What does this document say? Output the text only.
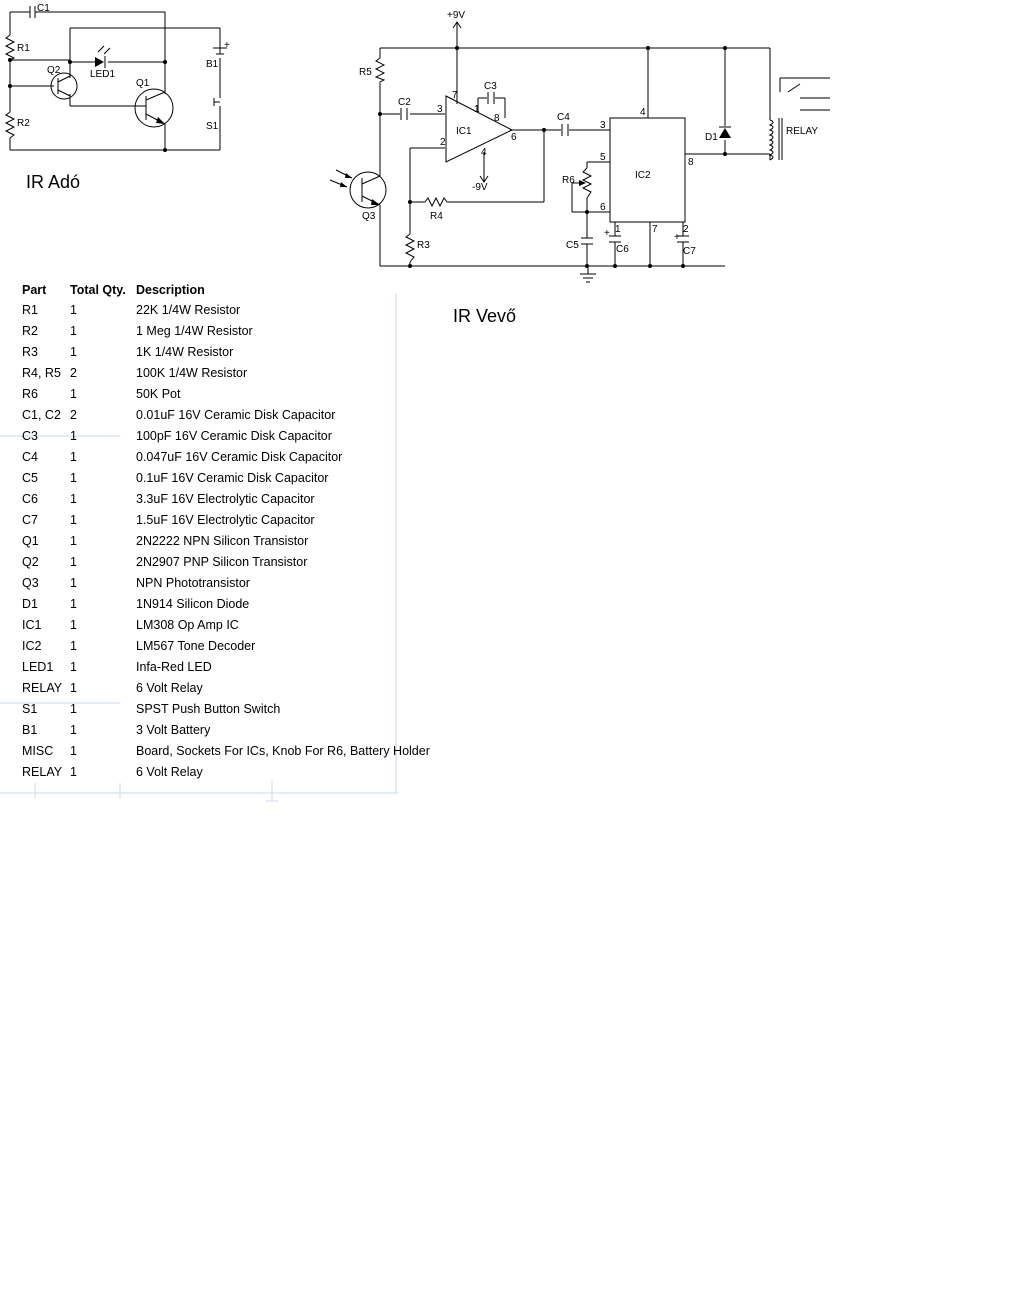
C1
R1
R2
Q2	LED1
Q1
+
B1
S1
IR Adó
+9V
R5
C2
C3
IC1
7
1
8
3
2	6
4
-9V
Q3	R4
R3
C4
IC2
4
3
5
6
8
1	7	2
R6
C5
+
C6
+
C7
D1
RELAY
IR Vevő
Part	Total Qty.	Description
R1	1	22K 1/4W Resistor
R2	1	1 Meg 1/4W Resistor
R3	1	1K 1/4W Resistor
R4, R5	2	100K 1/4W Resistor
R6	1	50K Pot
C1, C2	2	0.01uF 16V Ceramic Disk Capacitor
C3	1	100pF 16V Ceramic Disk Capacitor
C4	1	0.047uF 16V Ceramic Disk Capacitor
C5	1	0.1uF 16V Ceramic Disk Capacitor
C6	1	3.3uF 16V Electrolytic Capacitor
C7	1	1.5uF 16V Electrolytic Capacitor
Q1	1	2N2222 NPN Silicon Transistor
Q2	1	2N2907 PNP Silicon Transistor
Q3	1	NPN Phototransistor
D1	1	1N914 Silicon Diode
IC1	1	LM308 Op Amp IC
IC2	1	LM567 Tone Decoder
LED1	1	Infa-Red LED
RELAY	1	6 Volt Relay
S1	1	SPST Push Button Switch
B1	1	3 Volt Battery
MISC	1	Board, Sockets For ICs, Knob For R6, Battery Holder
RELAY	1	6 Volt Relay
